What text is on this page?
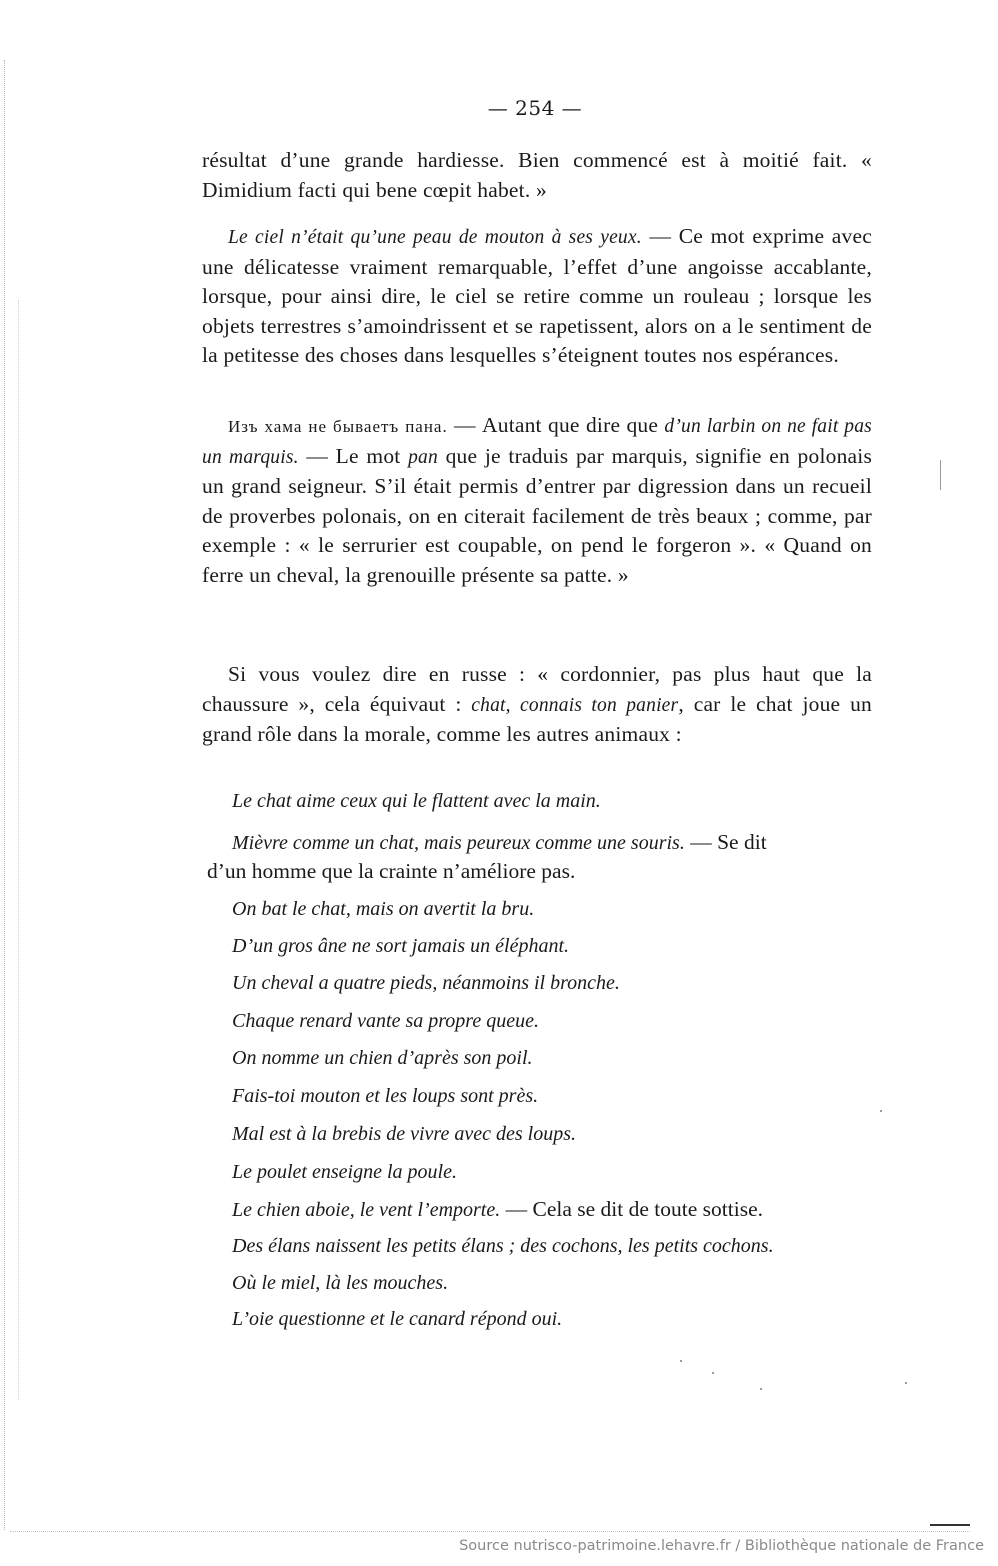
— 254 —

résultat d’une grande hardiesse. Bien commencé est à moitié fait. « Dimidium facti qui bene cœpit habet. »

Le ciel n’était qu’une peau de mouton à ses yeux. — Ce mot exprime avec une délicatesse vraiment remarquable, l’effet d’une angoisse accablante, lorsque, pour ainsi dire, le ciel se retire comme un rouleau ; lorsque les objets terrestres s’amoindrissent et se rapetissent, alors on a le sentiment de la petitesse des choses dans lesquelles s’éteignent toutes nos espérances.

Изъ хама не бываетъ пана. — Autant que dire que d’un larbin on ne fait pas un marquis. — Le mot pan que je traduis par marquis, signifie en polonais un grand seigneur. S’il était permis d’entrer par digression dans un recueil de proverbes polonais, on en citerait facilement de très beaux ; comme, par exemple : « le serrurier est coupable, on pend le forgeron ». « Quand on ferre un cheval, la grenouille présente sa patte. »

Si vous voulez dire en russe : « cordonnier, pas plus haut que la chaussure », cela équivaut : chat, connais ton panier, car le chat joue un grand rôle dans la morale, comme les autres animaux :

Le chat aime ceux qui le flattent avec la main.
Mièvre comme un chat, mais peureux comme une souris. — Se dit
d’un homme que la crainte n’améliore pas.
On bat le chat, mais on avertit la bru.
D’un gros âne ne sort jamais un éléphant.
Un cheval a quatre pieds, néanmoins il bronche.
Chaque renard vante sa propre queue.
On nomme un chien d’après son poil.
Fais-toi mouton et les loups sont près.
Mal est à la brebis de vivre avec des loups.
Le poulet enseigne la poule.
Le chien aboie, le vent l’emporte. — Cela se dit de toute sottise.
Des élans naissent les petits élans ; des cochons, les petits cochons.
Où le miel, là les mouches.
L’oie questionne et le canard répond oui.
Source nutrisco-patrimoine.lehavre.fr / Bibliothèque nationale de France
